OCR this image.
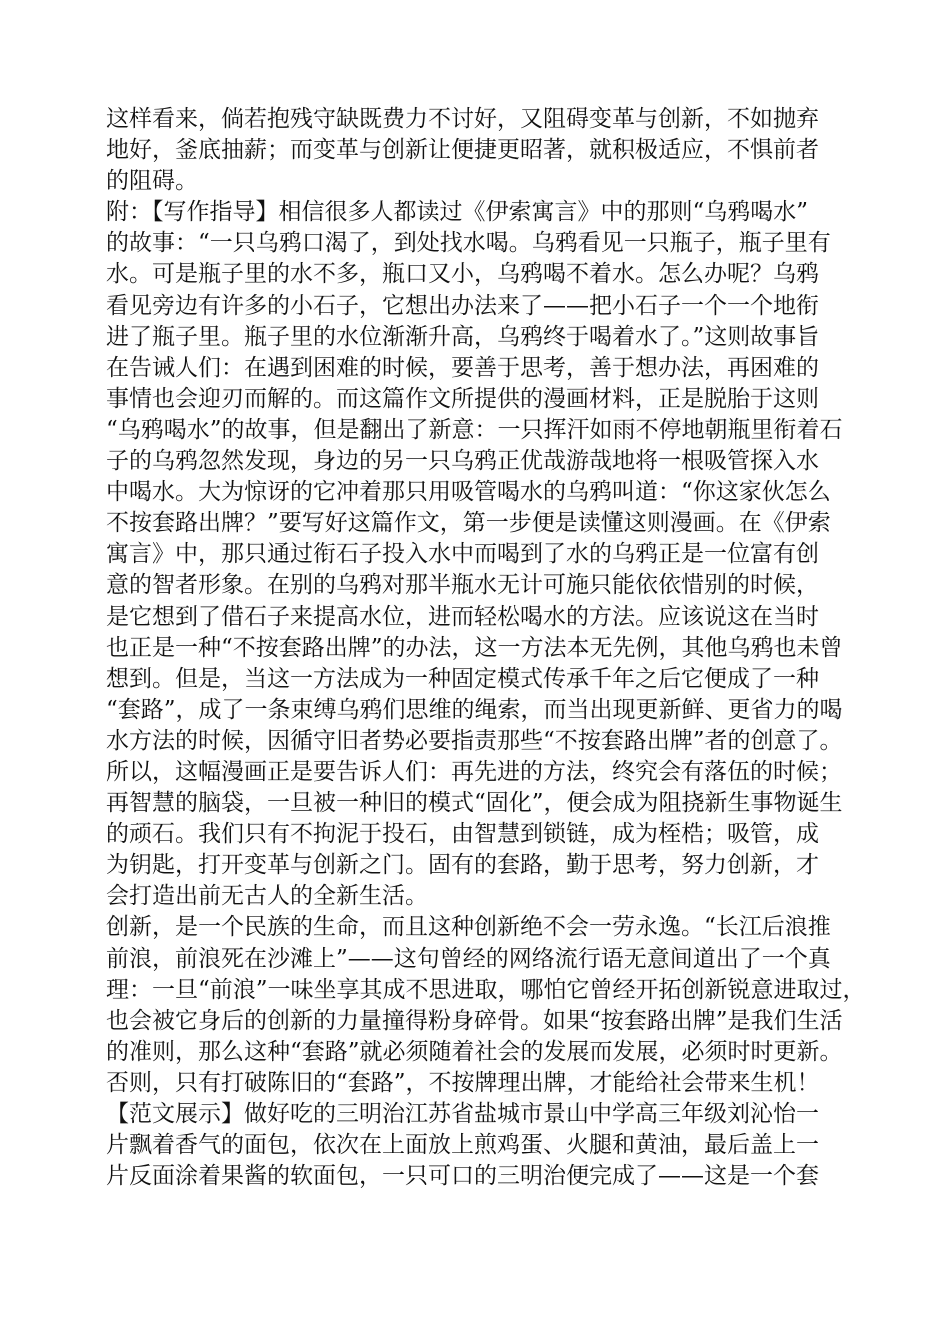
这样看来，倘若抱残守缺既费力不讨好，又阻碍变革与创新，不如抛弃
地好，釜底抽薪；而变革与创新让便捷更昭著，就积极适应，不惧前者
的阻碍。
附：【写作指导】相信很多人都读过《伊索寓言》中的那则“乌鸦喝水”
的故事：“一只乌鸦口渴了，到处找水喝。乌鸦看见一只瓶子，瓶子里有
水。可是瓶子里的水不多，瓶口又小，乌鸦喝不着水。怎么办呢？乌鸦
看见旁边有许多的小石子，它想出办法来了——把小石子一个一个地衔
进了瓶子里。瓶子里的水位渐渐升高，乌鸦终于喝着水了。”这则故事旨
在告诫人们：在遇到困难的时候，要善于思考，善于想办法，再困难的
事情也会迎刃而解的。而这篇作文所提供的漫画材料，正是脱胎于这则
“乌鸦喝水”的故事，但是翻出了新意：一只挥汗如雨不停地朝瓶里衔着石
子的乌鸦忽然发现，身边的另一只乌鸦正优哉游哉地将一根吸管探入水
中喝水。大为惊讶的它冲着那只用吸管喝水的乌鸦叫道：“你这家伙怎么
不按套路出牌？”要写好这篇作文，第一步便是读懂这则漫画。在《伊索
寓言》中，那只通过衔石子投入水中而喝到了水的乌鸦正是一位富有创
意的智者形象。在别的乌鸦对那半瓶水无计可施只能依依惜别的时候，
是它想到了借石子来提高水位，进而轻松喝水的方法。应该说这在当时
也正是一种“不按套路出牌”的办法，这一方法本无先例，其他乌鸦也未曾
想到。但是，当这一方法成为一种固定模式传承千年之后它便成了一种
“套路”，成了一条束缚乌鸦们思维的绳索，而当出现更新鲜、更省力的喝
水方法的时候，因循守旧者势必要指责那些“不按套路出牌”者的创意了。
所以，这幅漫画正是要告诉人们：再先进的方法，终究会有落伍的时候；
再智慧的脑袋，一旦被一种旧的模式“固化”，便会成为阻挠新生事物诞生
的顽石。我们只有不拘泥于投石，由智慧到锁链，成为桎梏；吸管，成
为钥匙，打开变革与创新之门。固有的套路，勤于思考，努力创新，才
会打造出前无古人的全新生活。
创新，是一个民族的生命，而且这种创新绝不会一劳永逸。“长江后浪推
前浪，前浪死在沙滩上”——这句曾经的网络流行语无意间道出了一个真
理：一旦“前浪”一味坐享其成不思进取，哪怕它曾经开拓创新锐意进取过，
也会被它身后的创新的力量撞得粉身碎骨。如果“按套路出牌”是我们生活
的准则，那么这种“套路”就必须随着社会的发展而发展，必须时时更新。
否则，只有打破陈旧的“套路”，不按牌理出牌，才能给社会带来生机！
【范文展示】做好吃的三明治江苏省盐城市景山中学高三年级刘沁怡一
片飘着香气的面包，依次在上面放上煎鸡蛋、火腿和黄油，最后盖上一
片反面涂着果酱的软面包，一只可口的三明治便完成了——这是一个套
